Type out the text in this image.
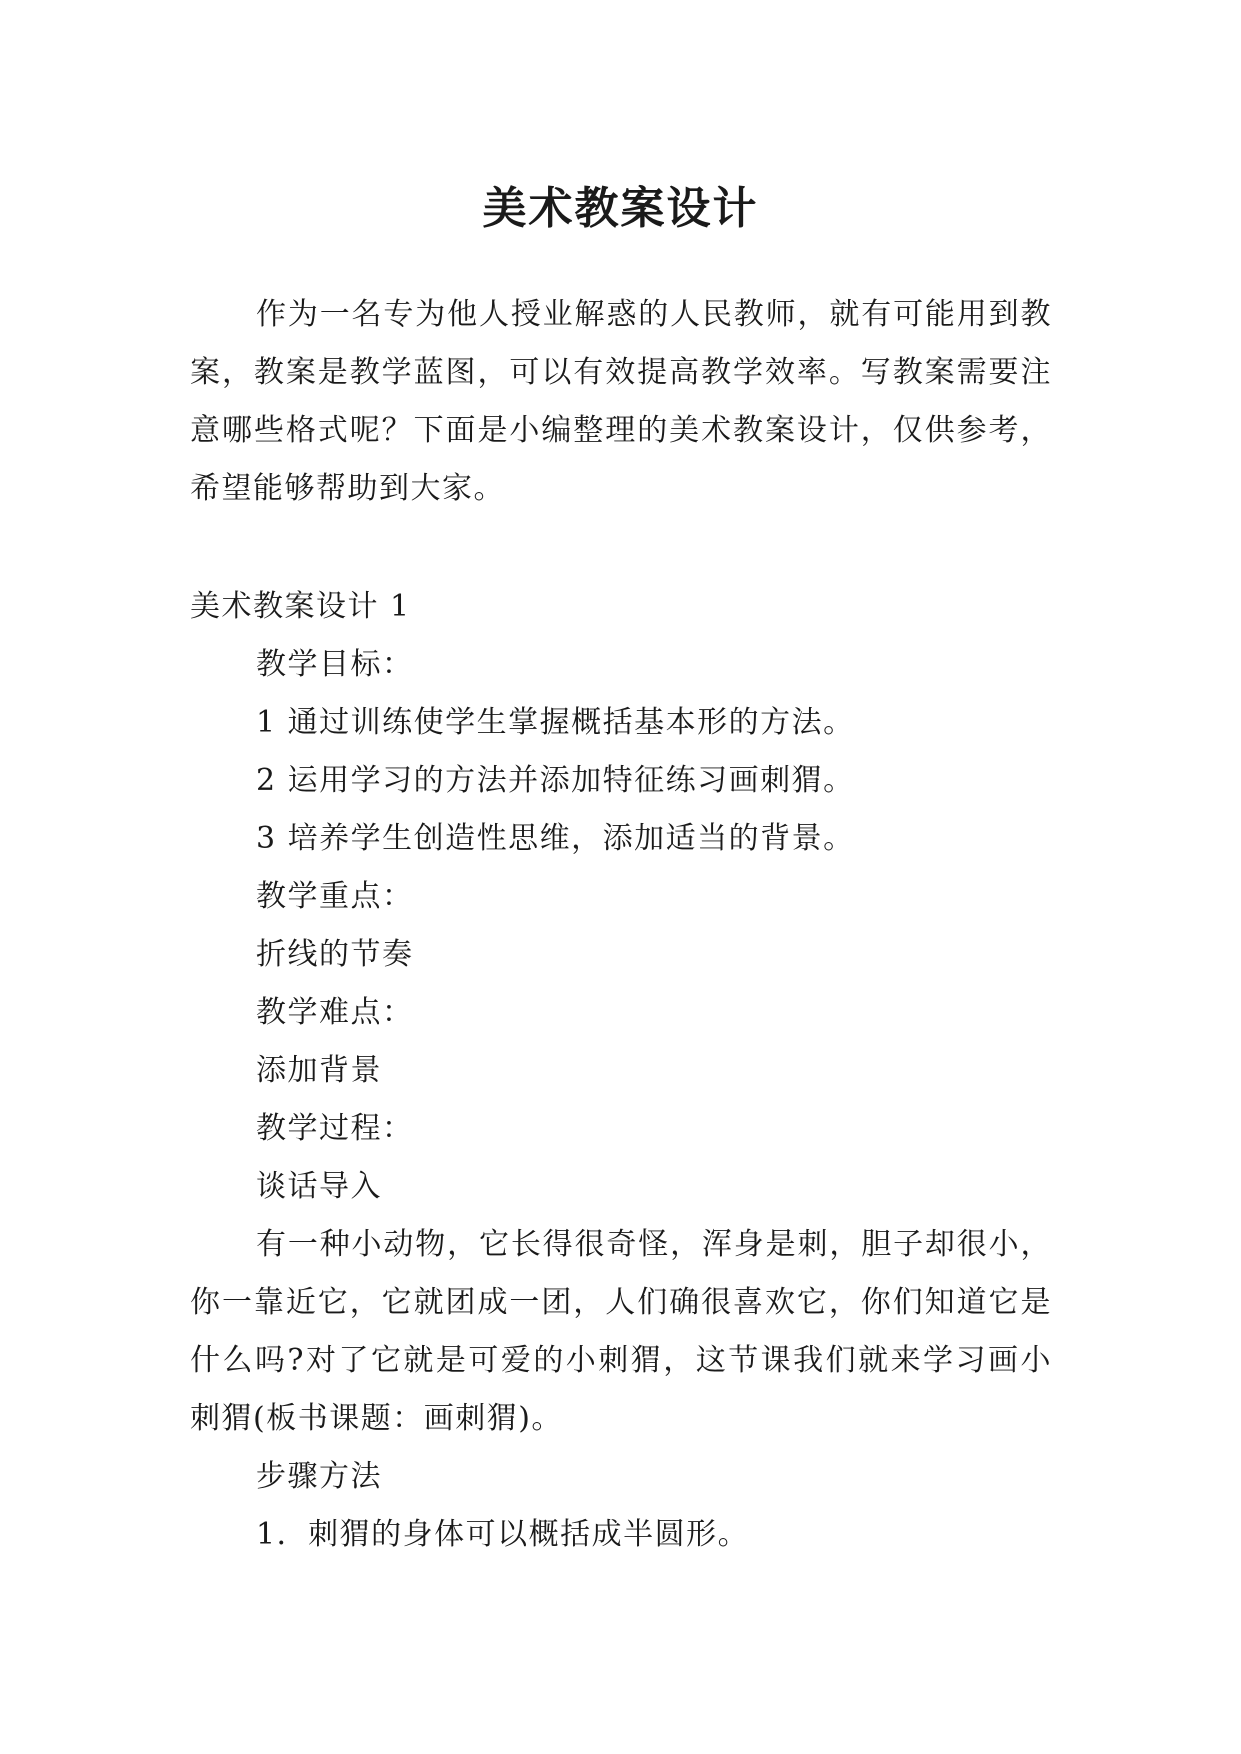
美术教案设计

作为一名专为他人授业解惑的人民教师，就有可能用到教案，教案是教学蓝图，可以有效提高教学效率。写教案需要注意哪些格式呢？下面是小编整理的美术教案设计，仅供参考，希望能够帮助到大家。

美术教案设计 1

教学目标：

1 通过训练使学生掌握概括基本形的方法。

2 运用学习的方法并添加特征练习画刺猬。

3 培养学生创造性思维，添加适当的背景。

教学重点：

折线的节奏

教学难点：

添加背景

教学过程：

谈话导入

有一种小动物，它长得很奇怪，浑身是刺，胆子却很小，你一靠近它，它就团成一团，人们确很喜欢它，你们知道它是什么吗?对了它就是可爱的小刺猬，这节课我们就来学习画小刺猬(板书课题：画刺猬)。

步骤方法

1．刺猬的身体可以概括成半圆形。
